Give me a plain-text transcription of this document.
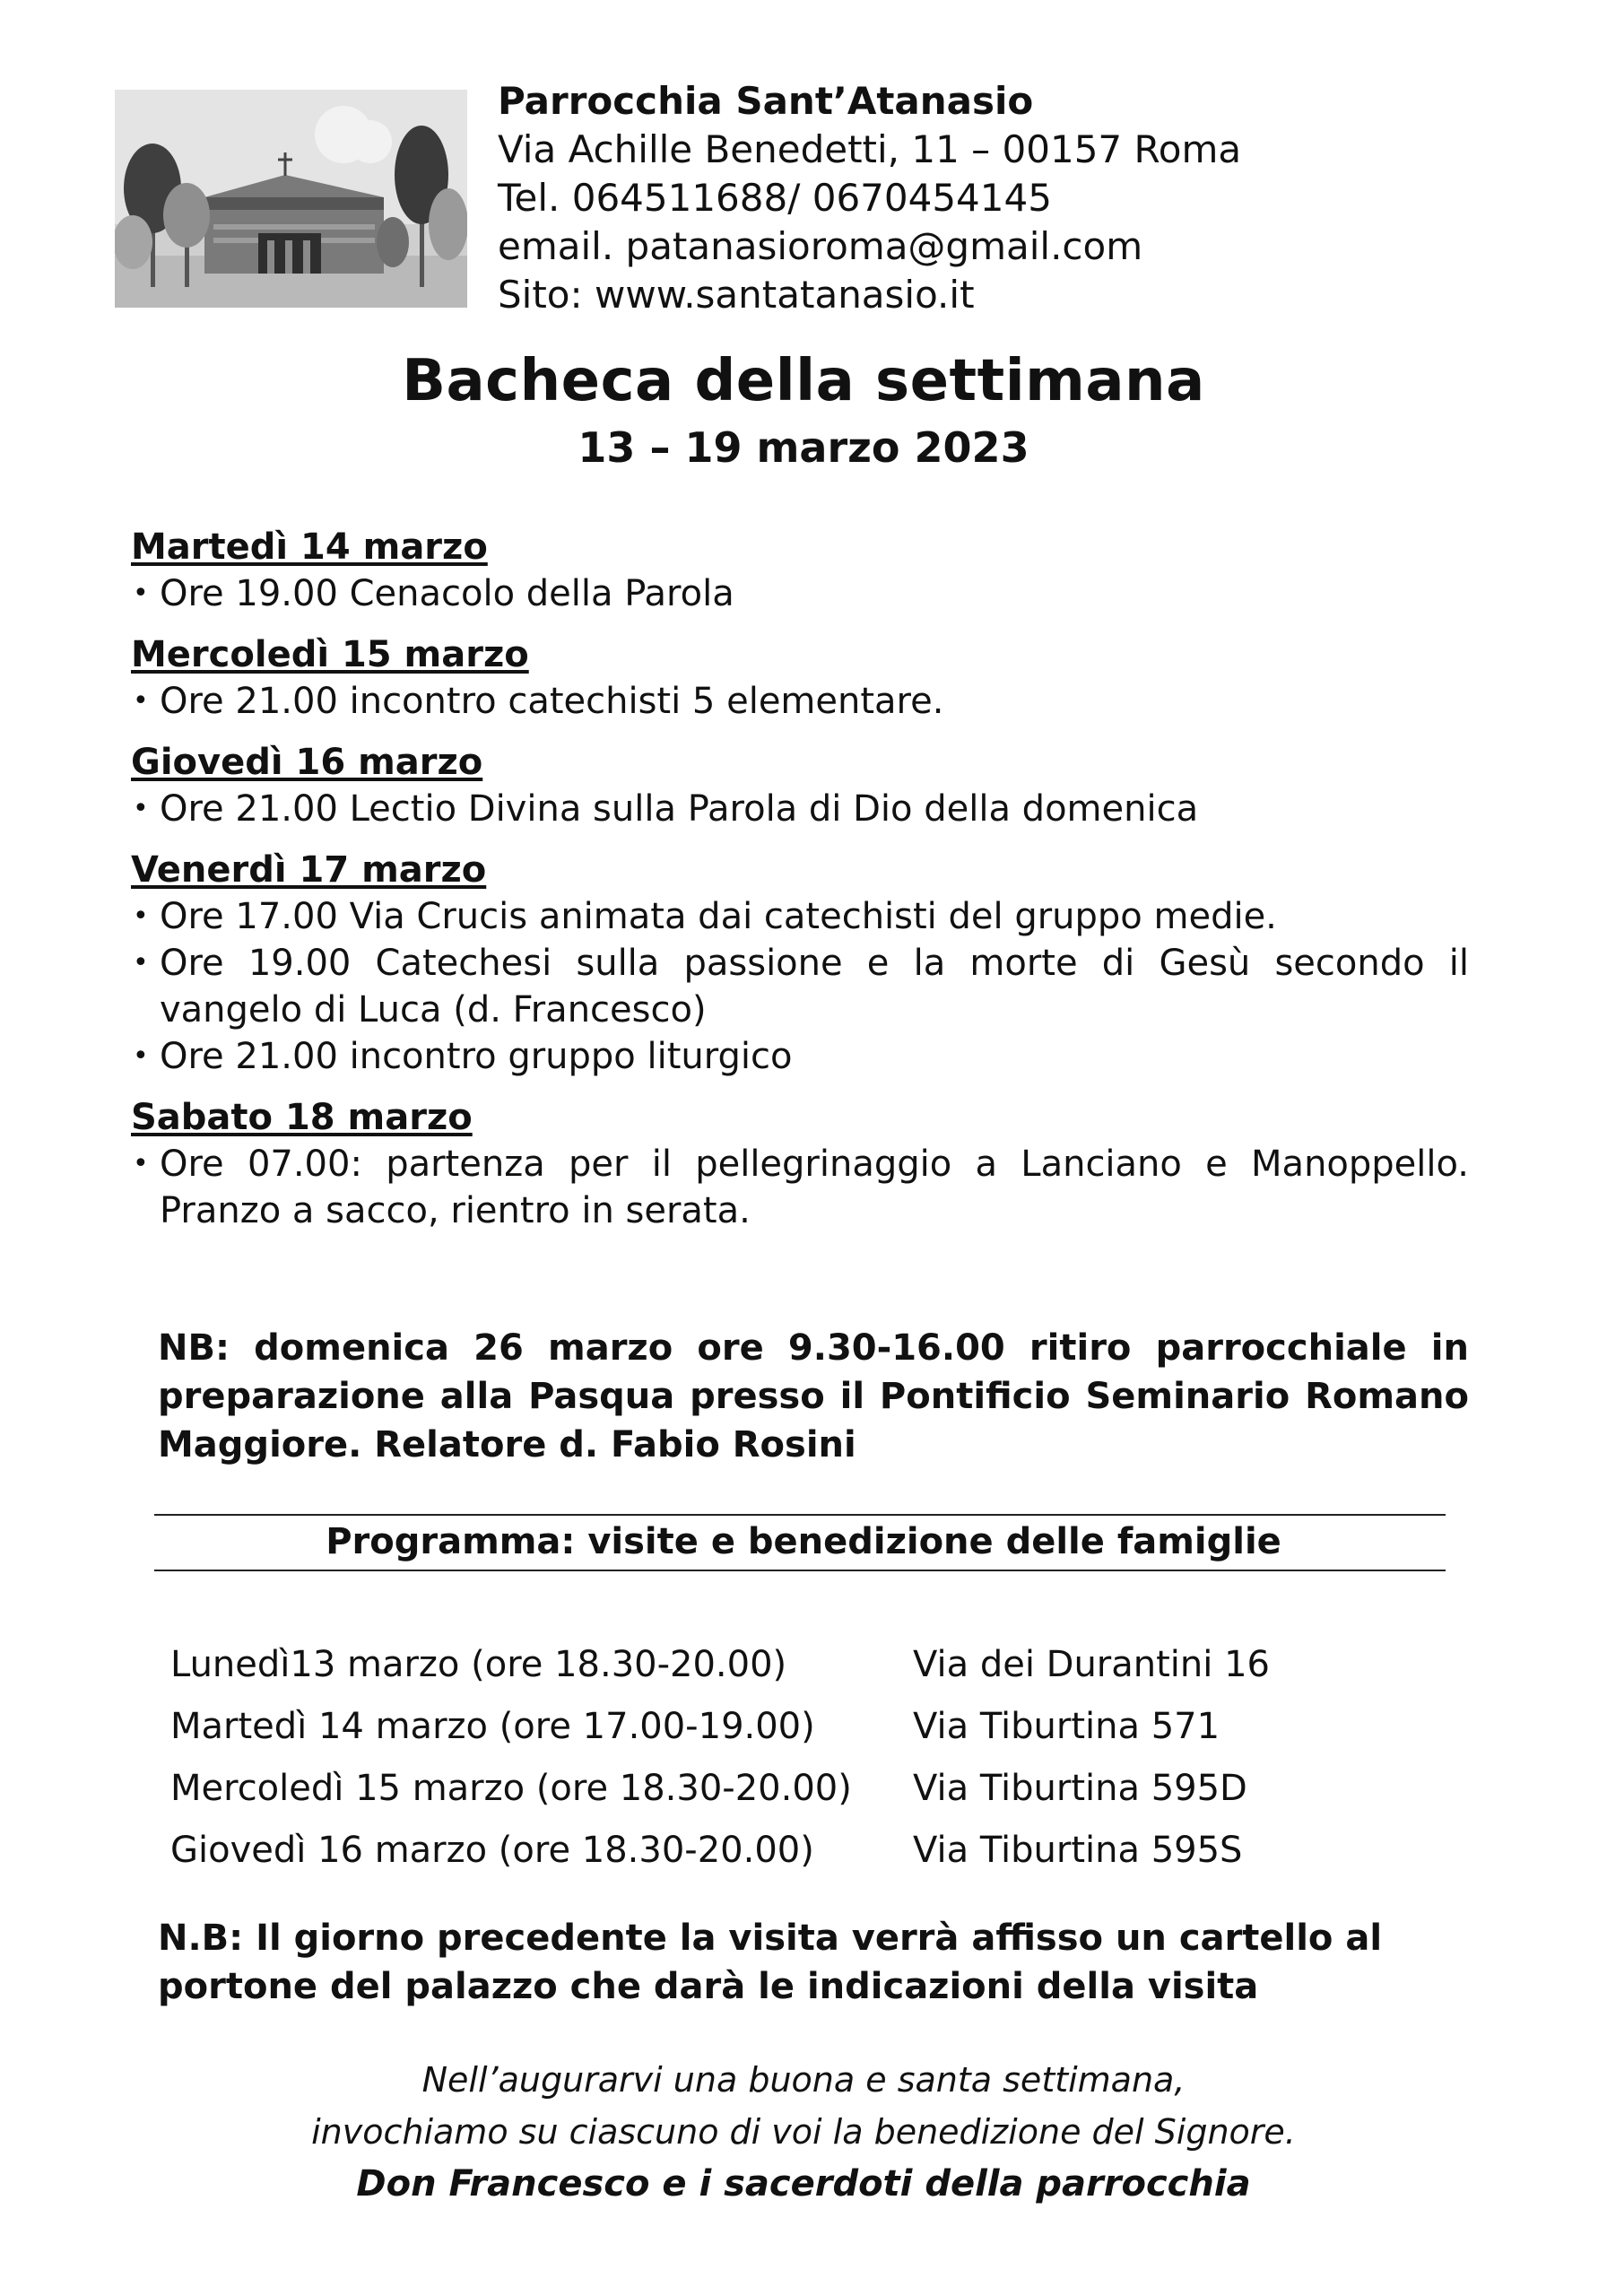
Parrocchia Sant’Atanasio
Via Achille Benedetti, 11 – 00157 Roma
Tel. 064511688/ 0670454145
email. patanasioroma@gmail.com
Sito: www.santatanasio.it
Bacheca della settimana
13 – 19 marzo 2023
Martedì 14 marzo
• Ore 19.00 Cenacolo della Parola
Mercoledì 15 marzo
• Ore 21.00 incontro catechisti 5 elementare.
Giovedì 16 marzo
• Ore 21.00 Lectio Divina sulla Parola di Dio della domenica
Venerdì 17 marzo
• Ore 17.00 Via Crucis animata dai catechisti del gruppo medie.
• Ore 19.00 Catechesi sulla passione e la morte di Gesù secondo il vangelo di Luca (d. Francesco)
• Ore 21.00 incontro gruppo liturgico
Sabato 18 marzo
• Ore 07.00: partenza per il pellegrinaggio a Lanciano e Manoppello. Pranzo a sacco, rientro in serata.
NB: domenica 26 marzo ore 9.30-16.00 ritiro parrocchiale in preparazione alla Pasqua presso il Pontificio Seminario Romano Maggiore. Relatore d. Fabio Rosini
Programma: visite e benedizione delle famiglie
Lunedì13 marzo (ore 18.30-20.00)	Via dei Durantini 16
Martedì 14 marzo (ore 17.00-19.00)	Via Tiburtina 571
Mercoledì 15 marzo (ore 18.30-20.00)	Via Tiburtina 595D
Giovedì 16 marzo (ore 18.30-20.00)	Via Tiburtina 595S
N.B: Il giorno precedente la visita verrà affisso un cartello al portone del palazzo che darà le indicazioni della visita
Nell’augurarvi una buona e santa settimana,
invochiamo su ciascuno di voi la benedizione del Signore.
Don Francesco e i sacerdoti della parrocchia
